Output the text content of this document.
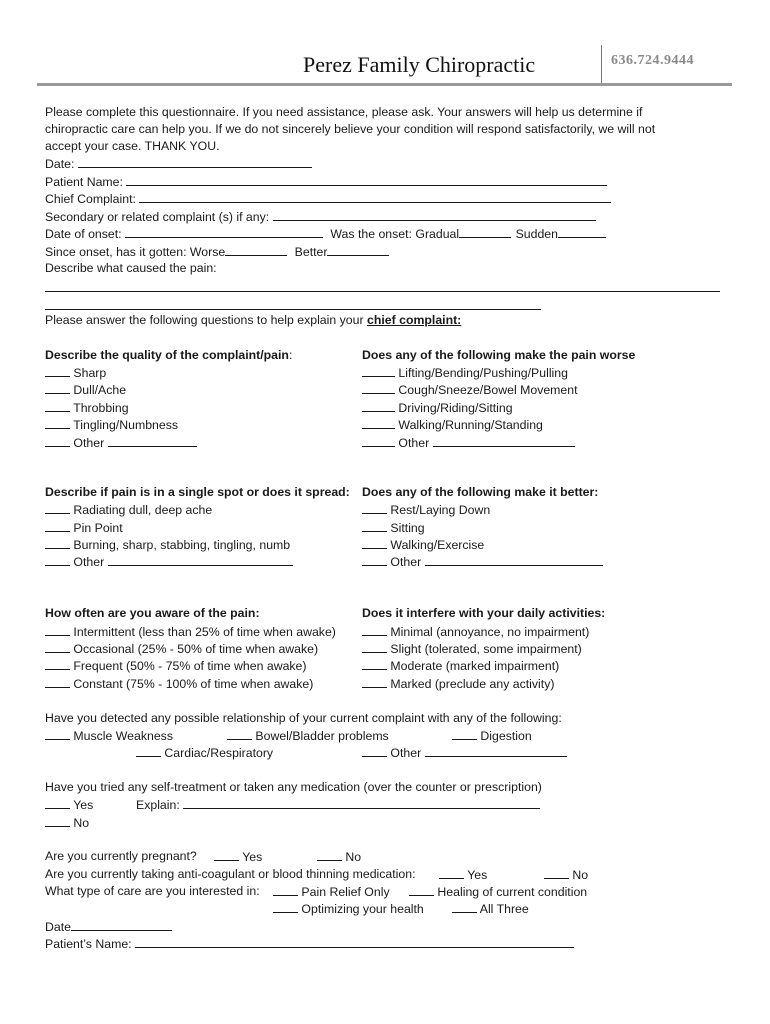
Perez Family Chiropractic	636.724.9444
Please complete this questionnaire. If you need assistance, please ask. Your answers will help us determine if
chiropractic care can help you. If we do not sincerely believe your condition will respond satisfactorily, we will not
accept your case. THANK YOU.
Date:
Patient Name:
Chief Complaint:
Secondary or related complaint (s) if any:
Date of onset:	Was the onset: Gradual	Sudden
Since onset, has it gotten: Worse	Better
Describe what caused the pain:
Please answer the following questions to help explain your chief complaint:
Describe the quality of the complaint/pain:
Sharp
Dull/Ache
Throbbing
Tingling/Numbness
Other
Does any of the following make the pain worse
Lifting/Bending/Pushing/Pulling
Cough/Sneeze/Bowel Movement
Driving/Riding/Sitting
Walking/Running/Standing
Other
Describe if pain is in a single spot or does it spread:
Radiating dull, deep ache
Pin Point
Burning, sharp, stabbing, tingling, numb
Other
Does any of the following make it better:
Rest/Laying Down
Sitting
Walking/Exercise
Other
How often are you aware of the pain:
Intermittent (less than 25% of time when awake)
Occasional (25% - 50% of time when awake)
Frequent (50% - 75% of time when awake)
Constant (75% - 100% of time when awake)
Does it interfere with your daily activities:
Minimal (annoyance, no impairment)
Slight (tolerated, some impairment)
Moderate (marked impairment)
Marked (preclude any activity)
Have you detected any possible relationship of your current complaint with any of the following:
Muscle Weakness	Bowel/Bladder problems	Digestion
Cardiac/Respiratory	Other
Have you tried any self-treatment or taken any medication (over the counter or prescription)
Yes	Explain:
No
Are you currently pregnant?	Yes	No
Are you currently taking anti-coagulant or blood thinning medication:	Yes	No
What type of care are you interested in:	Pain Relief Only	Healing of current condition
Optimizing your health	All Three
Date
Patient’s Name:
